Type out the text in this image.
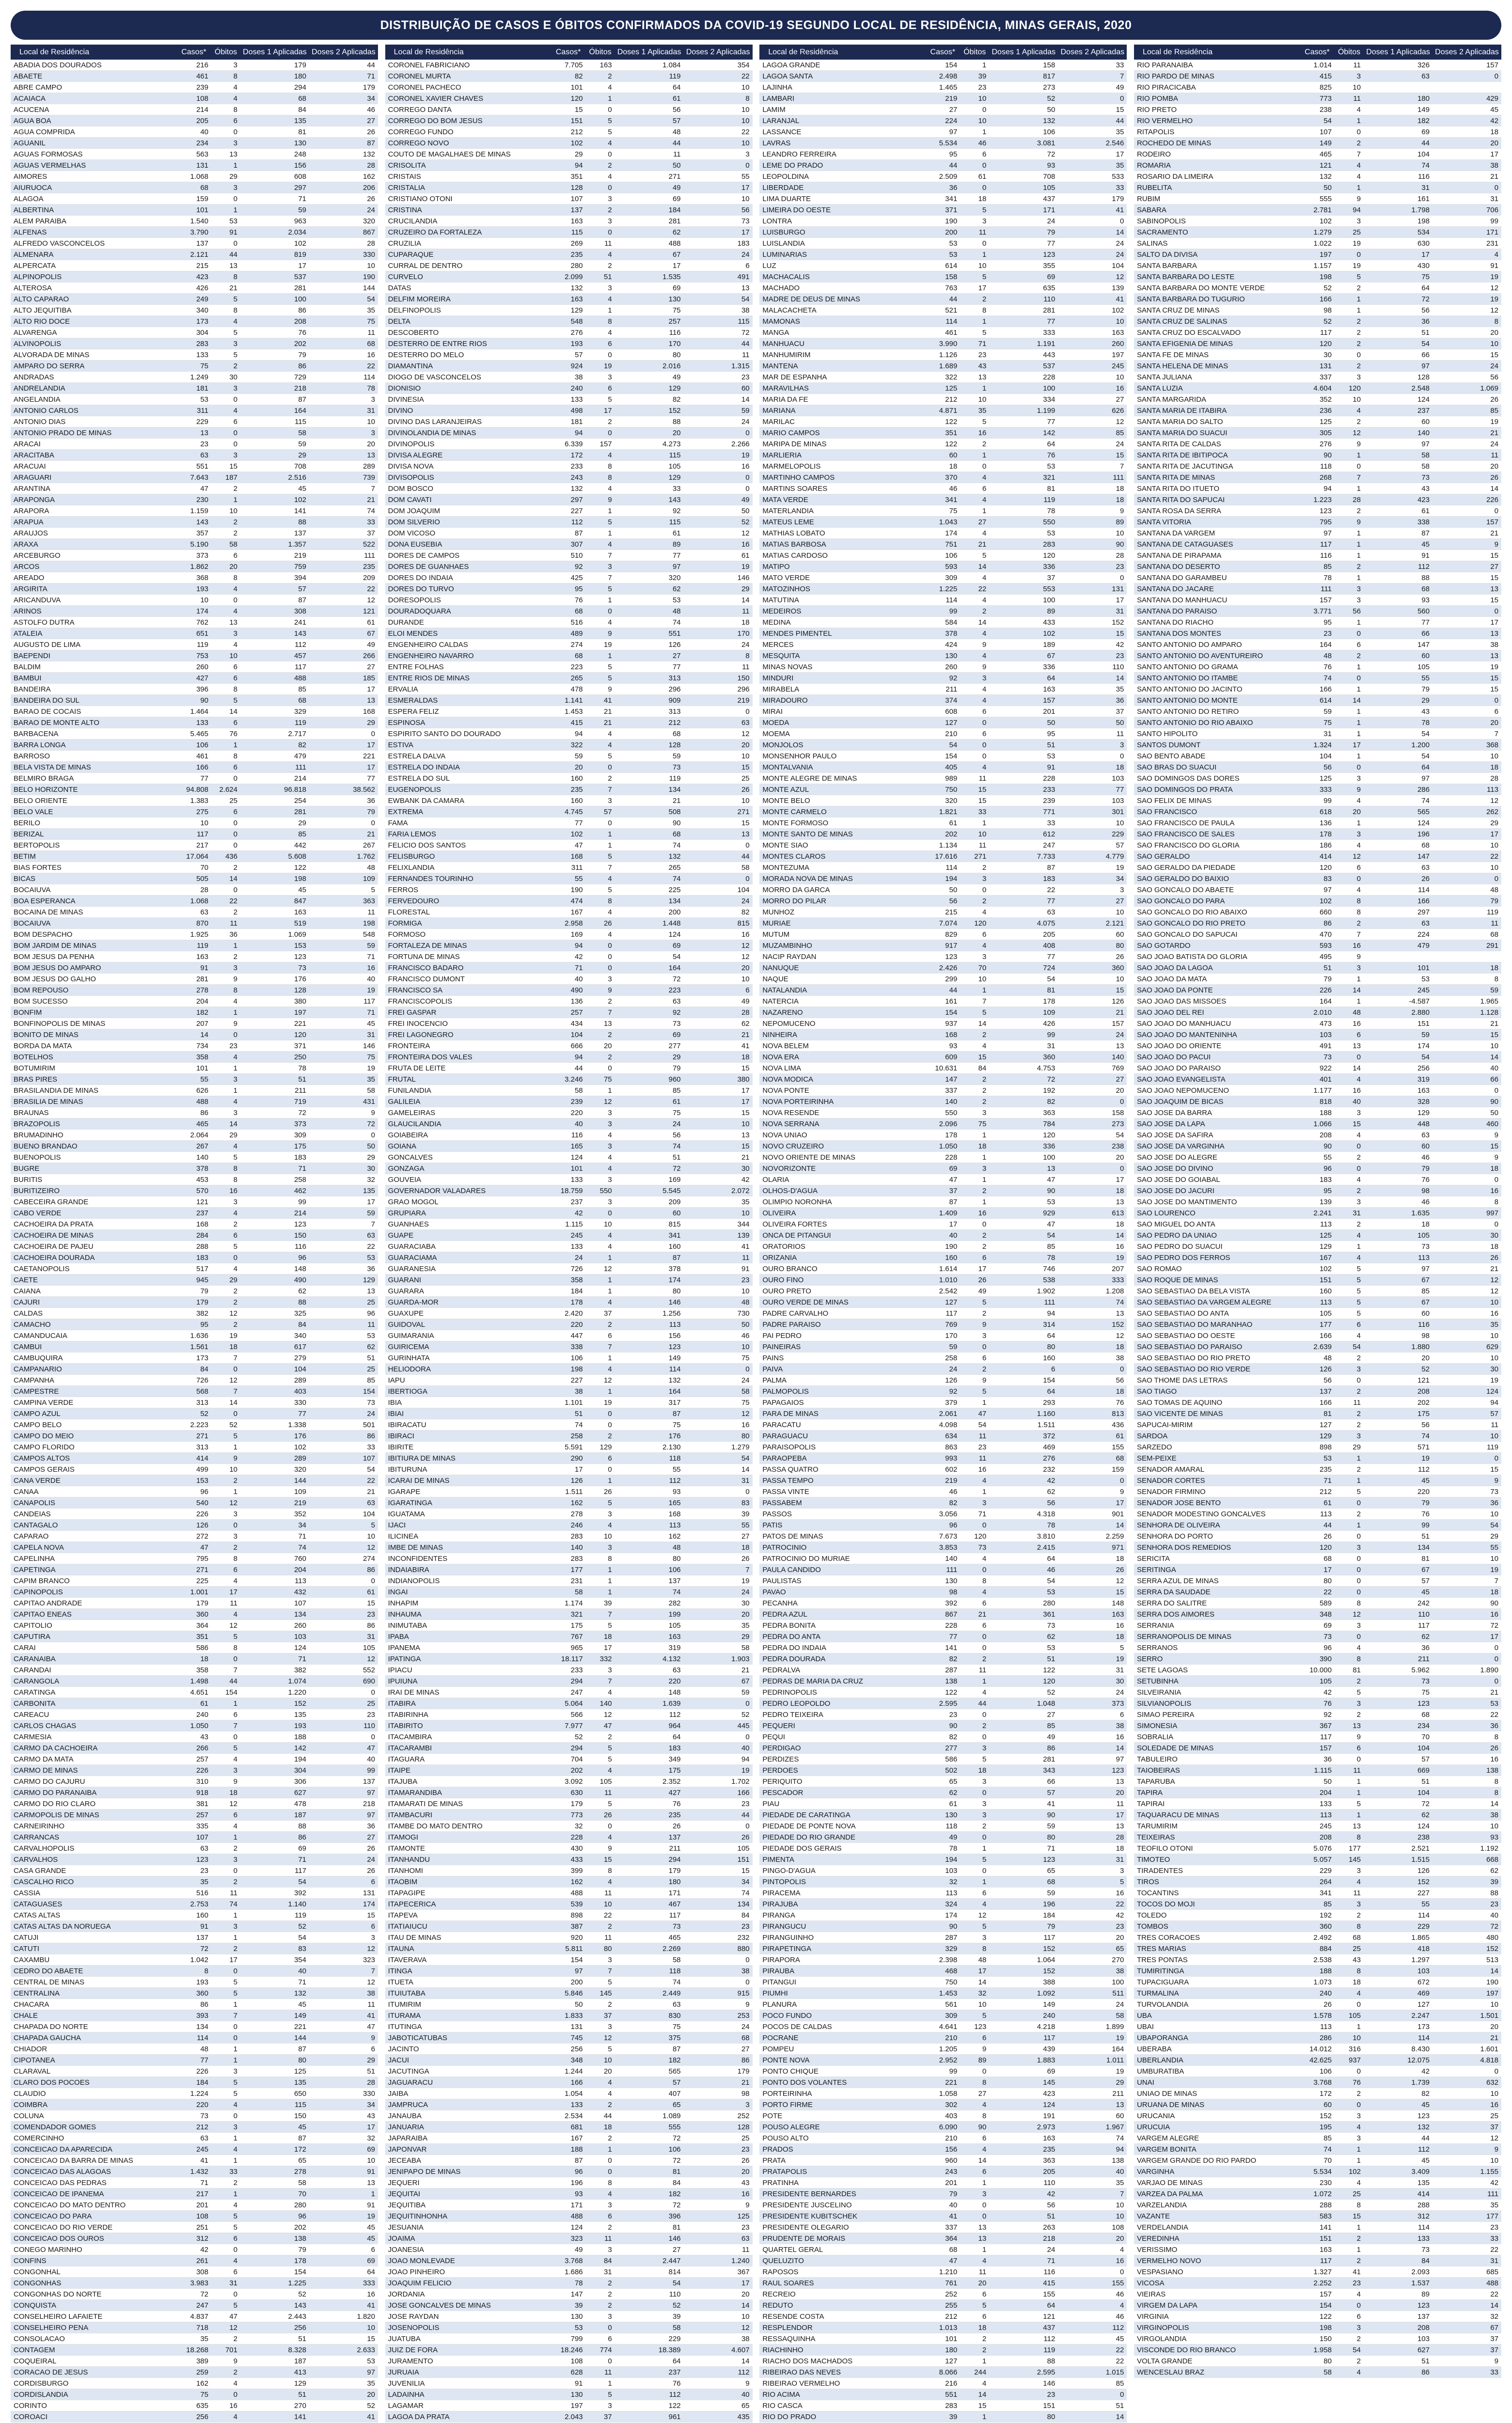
DISTRIBUIÇÃO DE CASOS E ÓBITOS CONFIRMADOS DA COVID-19 SEGUNDO LOCAL DE RESIDÊNCIA, MINAS GERAIS, 2020
Local de Residência	Casos*	Óbitos	Doses 1 Aplicadas	Doses 2 Aplicadas
ABADIA DOS DOURADOS	216	3	179	44
ABAETE	461	8	180	71
ABRE CAMPO	239	4	294	179
ACAIACA	108	4	68	34
ACUCENA	214	8	84	46
AGUA BOA	205	6	135	27
AGUA COMPRIDA	40	0	81	26
AGUANIL	234	3	130	87
AGUAS FORMOSAS	563	13	248	132
AGUAS VERMELHAS	131	1	156	28
AIMORES	1.068	29	608	162
AIURUOCA	68	3	297	206
ALAGOA	159	0	71	26
ALBERTINA	101	1	59	24
ALEM PARAIBA	1.540	53	963	320
ALFENAS	3.790	91	2.034	867
ALFREDO VASCONCELOS	137	0	102	28
ALMENARA	2.121	44	819	330
ALPERCATA	215	13	17	10
ALPINOPOLIS	423	8	537	190
ALTEROSA	426	21	281	144
ALTO CAPARAO	249	5	100	54
ALTO JEQUITIBA	340	8	86	35
ALTO RIO DOCE	173	4	208	75
ALVARENGA	304	5	76	11
ALVINOPOLIS	283	3	202	68
ALVORADA DE MINAS	133	5	79	16
AMPARO DO SERRA	75	2	86	22
ANDRADAS	1.249	30	729	114
ANDRELANDIA	181	3	218	78
ANGELANDIA	53	0	87	3
ANTONIO CARLOS	311	4	164	31
ANTONIO DIAS	229	6	115	10
ANTONIO PRADO DE MINAS	13	0	58	3
ARACAI	23	0	59	20
ARACITABA	63	3	29	13
ARACUAI	551	15	708	289
ARAGUARI	7.643	187	2.516	739
ARANTINA	47	2	45	7
ARAPONGA	230	1	102	21
ARAPORA	1.159	10	141	74
ARAPUA	143	2	88	33
ARAUJOS	357	2	137	37
ARAXA	5.190	58	1.357	522
ARCEBURGO	373	6	219	111
ARCOS	1.862	20	759	235
AREADO	368	8	394	209
ARGIRITA	193	4	57	22
ARICANDUVA	10	0	87	12
ARINOS	174	4	308	121
ASTOLFO DUTRA	762	13	241	61
ATALEIA	651	3	143	67
AUGUSTO DE LIMA	119	4	112	49
BAEPENDI	753	10	457	266
BALDIM	260	6	117	27
BAMBUI	427	6	488	185
BANDEIRA	396	8	85	17
BANDEIRA DO SUL	90	5	68	13
BARAO DE COCAIS	1.464	14	329	168
BARAO DE MONTE ALTO	133	6	119	29
BARBACENA	5.465	76	2.717	0
BARRA LONGA	106	1	82	17
BARROSO	461	8	479	221
BELA VISTA DE MINAS	166	6	111	17
BELMIRO BRAGA	77	0	214	77
BELO HORIZONTE	94.808	2.624	96.818	38.562
BELO ORIENTE	1.383	25	254	36
BELO VALE	275	6	281	79
BERILO	10	0	29	0
BERIZAL	117	0	85	21
BERTOPOLIS	217	0	442	267
BETIM	17.064	436	5.608	1.762
BIAS FORTES	70	2	122	48
BICAS	505	14	198	109
BOCAIUVA	28	0	45	5
BOA ESPERANCA	1.068	22	847	363
BOCAINA DE MINAS	63	2	163	11
BOCAIUVA	870	11	519	198
BOM DESPACHO	1.925	36	1.069	548
BOM JARDIM DE MINAS	119	1	153	59
BOM JESUS DA PENHA	163	2	123	71
BOM JESUS DO AMPARO	91	3	73	16
BOM JESUS DO GALHO	281	9	176	40
BOM REPOUSO	278	8	128	19
BOM SUCESSO	204	4	380	117
BONFIM	182	1	197	71
BONFINOPOLIS DE MINAS	207	9	221	45
BONITO DE MINAS	14	0	120	31
BORDA DA MATA	734	23	371	146
BOTELHOS	358	4	250	75
BOTUMIRIM	101	1	78	19
BRAS PIRES	55	3	51	35
BRASILANDIA DE MINAS	626	1	211	58
BRASILIA DE MINAS	488	4	719	431
BRAUNAS	86	3	72	9
BRAZOPOLIS	465	14	373	72
BRUMADINHO	2.064	29	309	0
BUENO BRANDAO	267	4	175	50
BUENOPOLIS	140	5	183	29
BUGRE	378	8	71	30
BURITIS	453	8	258	32
BURITIZEIRO	570	16	462	135
CABECEIRA GRANDE	121	3	99	17
CABO VERDE	237	4	214	59
CACHOEIRA DA PRATA	168	2	123	7
CACHOEIRA DE MINAS	284	6	150	63
CACHOEIRA DE PAJEU	288	5	116	22
CACHOEIRA DOURADA	183	0	96	53
CAETANOPOLIS	517	4	148	36
CAETE	945	29	490	129
CAIANA	79	2	62	13
CAJURI	179	2	88	25
CALDAS	382	12	325	96
CAMACHO	95	2	84	11
CAMANDUCAIA	1.636	19	340	53
CAMBUI	1.561	18	617	62
CAMBUQUIRA	173	7	279	51
CAMPANARIO	84	0	104	25
CAMPANHA	726	12	289	85
CAMPESTRE	568	7	403	154
CAMPINA VERDE	313	14	330	73
CAMPO AZUL	52	0	77	24
CAMPO BELO	2.223	52	1.338	501
CAMPO DO MEIO	271	5	176	86
CAMPO FLORIDO	313	1	102	33
CAMPOS ALTOS	414	9	289	107
CAMPOS GERAIS	499	10	320	54
CANA VERDE	153	2	144	22
CANAA	96	1	109	21
CANAPOLIS	540	12	219	63
CANDEIAS	226	3	352	104
CANTAGALO	126	0	34	5
CAPARAO	272	3	71	10
CAPELA NOVA	47	2	74	12
CAPELINHA	795	8	760	274
CAPETINGA	271	6	204	86
CAPIM BRANCO	225	4	113	0
CAPINOPOLIS	1.001	17	432	61
CAPITAO ANDRADE	179	11	107	15
CAPITAO ENEAS	360	4	134	23
CAPITOLIO	364	12	260	86
CAPUTIRA	351	5	103	31
CARAI	586	8	124	105
CARANAIBA	18	0	71	12
CARANDAI	358	7	382	552
CARANGOLA	1.498	44	1.074	690
CARATINGA	4.651	154	1.220	0
CARBONITA	61	1	152	25
CAREACU	240	6	135	23
CARLOS CHAGAS	1.050	7	193	110
CARMESIA	43	0	188	0
CARMO DA CACHOEIRA	266	5	142	47
CARMO DA MATA	257	4	194	40
CARMO DE MINAS	226	3	304	99
CARMO DO CAJURU	310	9	306	137
CARMO DO PARANAIBA	918	18	627	97
CARMO DO RIO CLARO	381	12	478	218
CARMOPOLIS DE MINAS	257	6	187	97
CARNEIRINHO	335	4	88	36
CARRANCAS	107	1	86	27
CARVALHOPOLIS	63	2	69	26
CARVALHOS	123	3	71	24
CASA GRANDE	23	0	117	26
CASCALHO RICO	35	2	54	6
CASSIA	516	11	392	131
CATAGUASES	2.753	74	1.140	174
CATAS ALTAS	160	1	119	15
CATAS ALTAS DA NORUEGA	91	3	52	6
CATUJI	137	1	54	3
CATUTI	72	2	83	12
CAXAMBU	1.042	17	354	323
CEDRO DO ABAETE	8	0	40	7
CENTRAL DE MINAS	193	5	71	12
CENTRALINA	360	5	132	38
CHACARA	86	1	45	11
CHALE	393	7	149	41
CHAPADA DO NORTE	134	0	221	47
CHAPADA GAUCHA	114	0	144	9
CHIADOR	48	1	87	6
CIPOTANEA	77	1	80	29
CLARAVAL	226	3	125	51
CLARO DOS POCOES	184	5	135	28
CLAUDIO	1.224	5	650	330
COIMBRA	220	4	115	34
COLUNA	73	0	150	43
COMENDADOR GOMES	212	3	45	17
COMERCINHO	63	1	87	32
CONCEICAO DA APARECIDA	245	4	172	69
CONCEICAO DA BARRA DE MINAS	41	1	65	10
CONCEICAO DAS ALAGOAS	1.432	33	278	91
CONCEICAO DAS PEDRAS	71	2	58	13
CONCEICAO DE IPANEMA	217	1	70	1
CONCEICAO DO MATO DENTRO	201	4	280	91
CONCEICAO DO PARA	108	5	96	19
CONCEICAO DO RIO VERDE	251	5	202	45
CONCEICAO DOS OUROS	312	6	138	45
CONEGO MARINHO	42	0	79	6
CONFINS	261	4	178	69
CONGONHAL	308	6	154	64
CONGONHAS	3.983	31	1.225	333
CONGONHAS DO NORTE	72	0	52	16
CONQUISTA	247	5	143	41
CONSELHEIRO LAFAIETE	4.837	47	2.443	1.820
CONSELHEIRO PENA	718	12	256	10
CONSOLACAO	35	2	51	15
CONTAGEM	18.268	701	8.328	2.633
COQUEIRAL	389	9	187	53
CORACAO DE JESUS	259	2	413	97
CORDISBURGO	162	4	129	35
CORDISLANDIA	75	0	51	20
CORINTO	635	16	270	52
COROACI	256	4	141	41

Local de Residência	Casos*	Óbitos	Doses 1 Aplicadas	Doses 2 Aplicadas
CORONEL FABRICIANO	7.705	163	1.084	354
CORONEL MURTA	82	2	119	22
CORONEL PACHECO	101	4	64	10
CORONEL XAVIER CHAVES	120	1	61	8
CORREGO DANTA	15	0	56	10
CORREGO DO BOM JESUS	151	5	57	10
CORREGO FUNDO	212	5	48	22
CORREGO NOVO	102	4	44	10
COUTO DE MAGALHAES DE MINAS	29	0	11	3
CRISOLITA	94	2	50	0
CRISTAIS	351	4	271	55
CRISTALIA	128	0	49	17
CRISTIANO OTONI	107	3	69	10
CRISTINA	137	2	184	56
CRUCILANDIA	163	3	281	73
CRUZEIRO DA FORTALEZA	115	0	62	17
CRUZILIA	269	11	488	183
CUPARAQUE	235	4	67	24
CURRAL DE DENTRO	280	2	17	6
CURVELO	2.099	51	1.535	491
DATAS	132	3	69	13
DELFIM MOREIRA	163	4	130	54
DELFINOPOLIS	129	1	75	38
DELTA	548	8	257	115
DESCOBERTO	276	4	116	72
DESTERRO DE ENTRE RIOS	193	6	170	44
DESTERRO DO MELO	57	0	80	11
DIAMANTINA	924	19	2.016	1.315
DIOGO DE VASCONCELOS	38	3	49	23
DIONISIO	240	6	129	60
DIVINESIA	133	5	82	14
DIVINO	498	17	152	59
DIVINO DAS LARANJEIRAS	181	2	88	24
DIVINOLANDIA DE MINAS	94	0	20	0
DIVINOPOLIS	6.339	157	4.273	2.266
DIVISA ALEGRE	172	4	115	19
DIVISA NOVA	233	8	105	16
DIVISOPOLIS	243	8	129	0
DOM BOSCO	132	4	33	0
DOM CAVATI	297	9	143	49
DOM JOAQUIM	227	1	92	50
DOM SILVERIO	112	5	115	52
DOM VICOSO	87	1	61	12
DONA EUSEBIA	307	4	89	16
DORES DE CAMPOS	510	7	77	61
DORES DE GUANHAES	92	3	97	19
DORES DO INDAIA	425	7	320	146
DORES DO TURVO	95	5	62	29
DORESOPOLIS	76	1	53	14
DOURADOQUARA	68	0	48	11
DURANDE	516	4	74	18
ELOI MENDES	489	9	551	170
ENGENHEIRO CALDAS	274	19	126	24
ENGENHEIRO NAVARRO	68	1	27	8
ENTRE FOLHAS	223	5	77	11
ENTRE RIOS DE MINAS	265	5	313	150
ERVALIA	478	9	296	296
ESMERALDAS	1.141	41	909	219
ESPERA FELIZ	1.453	21	313	0
ESPINOSA	415	21	212	63
ESPIRITO SANTO DO DOURADO	94	4	68	12
ESTIVA	322	4	128	20
ESTRELA DALVA	59	5	59	10
ESTRELA DO INDAIA	20	0	73	15
ESTRELA DO SUL	160	2	119	25
EUGENOPOLIS	235	7	134	26
EWBANK DA CAMARA	160	3	21	10
EXTREMA	4.745	57	508	271
FAMA	77	0	90	15
FARIA LEMOS	102	1	68	13
FELICIO DOS SANTOS	47	1	74	0
FELISBURGO	168	5	132	44
FELIXLANDIA	311	7	265	58
FERNANDES TOURINHO	55	4	74	0
FERROS	190	5	225	104
FERVEDOURO	474	8	134	24
FLORESTAL	167	4	200	82
FORMIGA	2.958	26	1.448	815
FORMOSO	169	4	124	16
FORTALEZA DE MINAS	94	0	69	12
FORTUNA DE MINAS	42	0	54	12
FRANCISCO BADARO	71	0	164	20
FRANCISCO DUMONT	40	3	72	10
FRANCISCO SA	490	9	223	6
FRANCISCOPOLIS	136	2	63	49
FREI GASPAR	257	7	92	28
FREI INOCENCIO	434	13	73	62
FREI LAGONEGRO	104	2	69	21
FRONTEIRA	666	20	277	41
FRONTEIRA DOS VALES	94	2	29	18
FRUTA DE LEITE	44	0	79	15
FRUTAL	3.246	75	960	380
FUNILANDIA	58	1	85	17
GALILEIA	239	12	61	17
GAMELEIRAS	220	3	75	15
GLAUCILANDIA	40	3	24	10
GOIABEIRA	116	4	56	13
GOIANA	165	3	74	15
GONCALVES	124	4	51	21
GONZAGA	101	4	72	30
GOUVEIA	133	3	169	42
GOVERNADOR VALADARES	18.759	550	5.545	2.072
GRAO MOGOL	237	3	209	35
GRUPIARA	42	0	60	10
GUANHAES	1.115	10	815	344
GUAPE	245	4	341	139
GUARACIABA	133	4	160	41
GUARACIAMA	24	1	87	11
GUARANESIA	726	12	378	91
GUARANI	358	1	174	23
GUARARA	184	1	80	10
GUARDA-MOR	178	4	146	48
GUAXUPE	2.420	37	1.256	730
GUIDOVAL	220	2	113	50
GUIMARANIA	447	6	156	46
GUIRICEMA	338	7	123	10
GURINHATA	106	1	149	75
HELIODORA	198	4	114	0
IAPU	227	12	132	24
IBERTIOGA	38	1	164	58
IBIA	1.101	19	317	75
IBIAI	51	0	87	12
IBIRACATU	74	0	75	16
IBIRACI	258	2	176	80
IBIRITE	5.591	129	2.130	1.279
IBITIURA DE MINAS	290	6	118	54
IBITURUNA	17	0	55	14
ICARAI DE MINAS	126	1	112	31
IGARAPE	1.511	26	93	0
IGARATINGA	162	5	165	83
IGUATAMA	278	3	168	39
IJACI	246	4	113	55
ILICINEA	283	10	162	27
IMBE DE MINAS	140	3	48	18
INCONFIDENTES	283	8	80	26
INDAIABIRA	177	1	106	7
INDIANOPOLIS	231	1	137	19
INGAI	58	1	74	24
INHAPIM	1.174	39	282	30
INHAUMA	321	7	199	20
INIMUTABA	175	5	105	35
IPABA	767	18	163	29
IPANEMA	965	17	319	58
IPATINGA	18.117	332	4.132	1.903
IPIACU	233	3	63	21
IPUIUNA	294	7	220	67
IRAI DE MINAS	247	4	148	59
ITABIRA	5.064	140	1.639	0
ITABIRINHA	566	12	112	52
ITABIRITO	7.977	47	964	445
ITACAMBIRA	52	2	64	0
ITACARAMBI	294	5	183	40
ITAGUARA	704	5	349	94
ITAIPE	202	4	175	19
ITAJUBA	3.092	105	2.352	1.702
ITAMARANDIBA	630	11	427	166
ITAMARATI DE MINAS	179	5	76	23
ITAMBACURI	773	26	235	44
ITAMBE DO MATO DENTRO	32	0	26	0
ITAMOGI	228	4	137	26
ITAMONTE	430	9	211	105
ITANHANDU	433	15	294	151
ITANHOMI	399	8	179	15
ITAOBIM	162	4	180	34
ITAPAGIPE	488	11	171	74
ITAPECERICA	539	10	467	134
ITAPEVA	898	22	117	84
ITATIAIUCU	387	2	73	23
ITAU DE MINAS	920	11	465	232
ITAUNA	5.811	80	2.269	880
ITAVERAVA	154	3	58	0
ITINGA	97	7	118	38
ITUETA	200	5	74	0
ITUIUTABA	5.846	145	2.449	915
ITUMIRIM	50	2	63	9
ITURAMA	1.833	37	830	253
ITUTINGA	131	3	75	24
JABOTICATUBAS	745	12	375	68
JACINTO	256	5	87	27
JACUI	348	10	182	86
JACUTINGA	1.244	20	565	179
JAGUARACU	166	4	57	21
JAIBA	1.054	4	407	98
JAMPRUCA	133	2	65	3
JANAUBA	2.534	44	1.089	252
JANUARIA	681	18	555	128
JAPARAIBA	167	2	72	25
JAPONVAR	188	1	106	23
JECEABA	87	0	72	26
JENIPAPO DE MINAS	96	0	81	20
JEQUERI	196	8	84	43
JEQUITAI	93	4	182	16
JEQUITIBA	171	3	72	9
JEQUITINHONHA	488	6	396	125
JESUANIA	124	2	81	23
JOAIMA	323	11	146	63
JOANESIA	49	3	27	11
JOAO MONLEVADE	3.768	84	2.447	1.240
JOAO PINHEIRO	1.686	31	814	367
JOAQUIM FELICIO	78	2	54	17
JORDANIA	147	2	110	20
JOSE GONCALVES DE MINAS	39	2	52	14
JOSE RAYDAN	130	3	39	10
JOSENOPOLIS	53	0	58	12
JUATUBA	799	6	229	38
JUIZ DE FORA	18.246	774	18.389	4.607
JURAMENTO	108	0	64	14
JURUAIA	628	11	237	112
JUVENILIA	91	1	76	9
LADAINHA	130	5	112	40
LAGAMAR	197	3	122	65
LAGOA DA PRATA	2.043	37	961	435

Local de Residência	Casos*	Óbitos	Doses 1 Aplicadas	Doses 2 Aplicadas
LAGOA GRANDE	154	1	158	33
LAGOA SANTA	2.498	39	817	7
LAJINHA	1.465	23	273	49
LAMBARI	219	10	52	0
LAMIM	27	0	50	15
LARANJAL	224	10	132	44
LASSANCE	97	1	106	35
LAVRAS	5.534	46	3.081	2.546
LEANDRO FERREIRA	95	6	72	17
LEME DO PRADO	44	0	93	35
LEOPOLDINA	2.509	61	708	533
LIBERDADE	36	0	105	33
LIMA DUARTE	341	18	437	179
LIMEIRA DO OESTE	371	5	171	41
LONTRA	190	3	24	0
LUISBURGO	200	11	79	14
LUISLANDIA	53	0	77	24
LUMINARIAS	53	1	123	24
LUZ	614	10	355	104
MACHACALIS	158	5	69	12
MACHADO	763	17	635	139
MADRE DE DEUS DE MINAS	44	2	110	41
MALACACHETA	521	8	281	102
MAMONAS	114	1	77	10
MANGA	461	5	333	163
MANHUACU	3.990	71	1.191	260
MANHUMIRIM	1.126	23	443	197
MANTENA	1.689	43	537	245
MAR DE ESPANHA	322	13	228	10
MARAVILHAS	125	1	100	16
MARIA DA FE	212	10	334	27
MARIANA	4.871	35	1.199	626
MARILAC	122	5	77	12
MARIO CAMPOS	351	16	142	85
MARIPA DE MINAS	122	2	64	24
MARLIERIA	60	1	76	15
MARMELOPOLIS	18	0	53	7
MARTINHO CAMPOS	370	4	321	111
MARTINS SOARES	46	6	81	18
MATA VERDE	341	4	119	18
MATERLANDIA	75	1	78	9
MATEUS LEME	1.043	27	550	89
MATHIAS LOBATO	174	4	53	10
MATIAS BARBOSA	751	21	283	90
MATIAS CARDOSO	106	5	120	28
MATIPO	593	14	336	23
MATO VERDE	309	4	37	0
MATOZINHOS	1.225	22	553	131
MATUTINA	114	4	100	17
MEDEIROS	99	2	89	31
MEDINA	584	14	433	152
MENDES PIMENTEL	378	4	102	15
MERCES	424	9	189	42
MESQUITA	130	4	67	23
MINAS NOVAS	260	9	336	110
MINDURI	92	3	64	14
MIRABELA	211	4	163	35
MIRADOURO	374	4	157	36
MIRAI	608	6	201	37
MOEDA	127	0	50	50
MOEMA	210	6	95	11
MONJOLOS	54	0	51	3
MONSENHOR PAULO	154	0	53	0
MONTALVANIA	405	4	91	18
MONTE ALEGRE DE MINAS	989	11	228	103
MONTE AZUL	750	15	233	77
MONTE BELO	320	15	239	103
MONTE CARMELO	1.821	33	771	301
MONTE FORMOSO	61	1	33	10
MONTE SANTO DE MINAS	202	10	612	229
MONTE SIAO	1.134	11	247	57
MONTES CLAROS	17.616	271	7.733	4.779
MONTEZUMA	114	2	87	19
MORADA NOVA DE MINAS	194	3	183	34
MORRO DA GARCA	50	0	22	3
MORRO DO PILAR	56	2	77	27
MUNHOZ	215	4	63	10
MURIAE	7.074	120	4.075	2.121
MUTUM	829	6	205	60
MUZAMBINHO	917	4	408	80
NACIP RAYDAN	123	3	77	26
NANUQUE	2.426	70	724	360
NAQUE	299	10	54	10
NATALANDIA	44	1	81	15
NATERCIA	161	7	178	126
NAZARENO	154	5	109	21
NEPOMUCENO	937	14	426	157
NINHEIRA	168	2	99	24
NOVA BELEM	93	4	31	13
NOVA ERA	609	15	360	140
NOVA LIMA	10.631	84	4.753	769
NOVA MODICA	147	2	72	27
NOVA PONTE	337	2	192	20
NOVA PORTEIRINHA	140	2	82	0
NOVA RESENDE	550	3	363	158
NOVA SERRANA	2.096	75	784	273
NOVA UNIAO	178	1	120	54
NOVO CRUZEIRO	1.050	18	336	238
NOVO ORIENTE DE MINAS	228	1	100	20
NOVORIZONTE	69	3	13	0
OLARIA	47	1	47	17
OLHOS-D'AGUA	37	2	90	18
OLIMPIO NORONHA	87	1	53	13
OLIVEIRA	1.409	16	929	613
OLIVEIRA FORTES	17	0	47	18
ONCA DE PITANGUI	40	2	54	14
ORATORIOS	190	2	85	16
ORIZANIA	160	6	78	19
OURO BRANCO	1.614	17	746	207
OURO FINO	1.010	26	538	333
OURO PRETO	2.542	49	1.902	1.208
OURO VERDE DE MINAS	127	5	111	74
PADRE CARVALHO	117	2	94	13
PADRE PARAISO	769	9	314	152
PAI PEDRO	170	3	64	12
PAINEIRAS	59	0	80	18
PAINS	258	6	160	38
PAIVA	24	2	6	0
PALMA	126	9	154	56
PALMOPOLIS	92	5	64	18
PAPAGAIOS	379	1	293	76
PARA DE MINAS	2.061	47	1.160	813
PARACATU	4.098	54	1.511	436
PARAGUACU	634	11	372	61
PARAISOPOLIS	863	23	469	155
PARAOPEBA	993	11	276	68
PASSA QUATRO	602	16	232	159
PASSA TEMPO	219	4	42	0
PASSA VINTE	46	1	62	9
PASSABEM	82	3	56	17
PASSOS	3.056	71	4.318	901
PATIS	96	0	78	14
PATOS DE MINAS	7.673	120	3.810	2.259
PATROCINIO	3.853	73	2.415	971
PATROCINIO DO MURIAE	140	4	64	18
PAULA CANDIDO	111	0	46	26
PAULISTAS	130	8	54	12
PAVAO	98	4	53	15
PECANHA	392	6	280	148
PEDRA AZUL	867	21	361	163
PEDRA BONITA	228	6	73	16
PEDRA DO ANTA	77	0	62	18
PEDRA DO INDAIA	141	0	53	5
PEDRA DOURADA	82	2	51	19
PEDRALVA	287	11	122	31
PEDRAS DE MARIA DA CRUZ	138	1	120	30
PEDRINOPOLIS	122	4	52	24
PEDRO LEOPOLDO	2.595	44	1.048	373
PEDRO TEIXEIRA	23	0	27	6
PEQUERI	90	2	85	38
PEQUI	82	0	49	16
PERDIGAO	277	3	86	14
PERDIZES	586	5	281	97
PERDOES	502	18	343	123
PERIQUITO	65	3	66	13
PESCADOR	62	0	57	20
PIAU	61	3	41	11
PIEDADE DE CARATINGA	130	3	90	17
PIEDADE DE PONTE NOVA	118	2	59	13
PIEDADE DO RIO GRANDE	49	0	80	28
PIEDADE DOS GERAIS	78	1	71	18
PIMENTA	194	5	123	31
PINGO-D'AGUA	103	0	65	3
PINTOPOLIS	32	1	68	5
PIRACEMA	113	6	59	16
PIRAJUBA	324	4	196	22
PIRANGA	174	12	184	42
PIRANGUCU	90	5	79	23
PIRANGUINHO	287	3	117	20
PIRAPETINGA	329	8	152	65
PIRAPORA	2.398	48	1.064	270
PIRAUBA	468	17	152	38
PITANGUI	750	14	388	100
PIUMHI	1.453	32	1.092	511
PLANURA	561	10	149	24
POCO FUNDO	309	5	240	58
POCOS DE CALDAS	4.641	123	4.218	1.899
POCRANE	210	6	117	19
POMPEU	1.205	9	439	164
PONTE NOVA	2.952	89	1.883	1.011
PONTO CHIQUE	99	0	69	19
PONTO DOS VOLANTES	221	8	145	29
PORTEIRINHA	1.058	27	423	211
PORTO FIRME	302	4	124	13
POTE	403	8	191	60
POUSO ALEGRE	6.090	90	2.973	1.967
POUSO ALTO	210	6	163	74
PRADOS	156	4	235	94
PRATA	960	14	363	138
PRATAPOLIS	243	6	205	40
PRATINHA	201	1	110	35
PRESIDENTE BERNARDES	79	3	42	7
PRESIDENTE JUSCELINO	40	0	56	10
PRESIDENTE KUBITSCHEK	41	0	51	10
PRESIDENTE OLEGARIO	337	13	263	108
PRUDENTE DE MORAIS	364	13	218	20
QUARTEL GERAL	68	1	24	4
QUELUZITO	47	4	71	16
RAPOSOS	1.210	11	116	0
RAUL SOARES	761	20	415	155
RECREIO	252	6	155	46
REDUTO	255	5	64	4
RESENDE COSTA	212	6	121	46
RESPLENDOR	1.013	18	437	112
RESSAQUINHA	101	2	112	45
RIACHINHO	180	2	119	22
RIACHO DOS MACHADOS	127	1	88	22
RIBEIRAO DAS NEVES	8.066	244	2.595	1.015
RIBEIRAO VERMELHO	216	4	146	85
RIO ACIMA	551	14	23	0
RIO CASCA	283	15	151	51
RIO DO PRADO	39	1	80	14

Local de Residência	Casos*	Óbitos	Doses 1 Aplicadas	Doses 2 Aplicadas
RIO PARANAIBA	1.014	11	326	157
RIO PARDO DE MINAS	415	3	63	0
RIO PIRACICABA	825	10		
RIO POMBA	773	11	180	429
RIO PRETO	238	4	149	45
RIO VERMELHO	54	1	182	42
RITAPOLIS	107	0	69	18
ROCHEDO DE MINAS	149	2	44	20
RODEIRO	465	7	104	17
ROMARIA	121	4	74	38
ROSARIO DA LIMEIRA	132	4	116	21
RUBELITA	50	1	31	0
RUBIM	555	9	161	31
SABARA	2.781	94	1.798	706
SABINOPOLIS	102	3	198	99
SACRAMENTO	1.279	25	534	171
SALINAS	1.022	19	630	231
SALTO DA DIVISA	197	0	17	4
SANTA BARBARA	1.157	19	430	91
SANTA BARBARA DO LESTE	198	5	75	19
SANTA BARBARA DO MONTE VERDE	52	2	64	12
SANTA BARBARA DO TUGURIO	166	1	72	19
SANTA CRUZ DE MINAS	98	1	56	12
SANTA CRUZ DE SALINAS	52	2	36	8
SANTA CRUZ DO ESCALVADO	117	2	51	20
SANTA EFIGENIA DE MINAS	120	2	54	10
SANTA FE DE MINAS	30	0	66	15
SANTA HELENA DE MINAS	131	2	97	24
SANTA JULIANA	337	3	128	56
SANTA LUZIA	4.604	120	2.548	1.069
SANTA MARGARIDA	352	10	124	26
SANTA MARIA DE ITABIRA	236	4	237	85
SANTA MARIA DO SALTO	125	2	60	19
SANTA MARIA DO SUACUI	305	12	140	21
SANTA RITA DE CALDAS	276	9	97	24
SANTA RITA DE IBITIPOCA	90	1	58	11
SANTA RITA DE JACUTINGA	118	0	58	20
SANTA RITA DE MINAS	268	7	73	26
SANTA RITA DO ITUETO	94	1	43	14
SANTA RITA DO SAPUCAI	1.223	28	423	226
SANTA ROSA DA SERRA	123	2	61	0
SANTA VITORIA	795	9	338	157
SANTANA DA VARGEM	97	1	87	21
SANTANA DE CATAGUASES	117	1	45	9
SANTANA DE PIRAPAMA	116	1	91	15
SANTANA DO DESERTO	85	2	112	27
SANTANA DO GARAMBEU	78	1	88	15
SANTANA DO JACARE	111	3	68	13
SANTANA DO MANHUACU	157	3	93	15
SANTANA DO PARAISO	3.771	56	560	0
SANTANA DO RIACHO	95	1	77	17
SANTANA DOS MONTES	23	0	66	13
SANTO ANTONIO DO AMPARO	164	6	147	38
SANTO ANTONIO DO AVENTUREIRO	48	2	60	13
SANTO ANTONIO DO GRAMA	76	1	105	19
SANTO ANTONIO DO ITAMBE	74	0	55	15
SANTO ANTONIO DO JACINTO	166	1	79	15
SANTO ANTONIO DO MONTE	614	14	29	0
SANTO ANTONIO DO RETIRO	59	1	43	6
SANTO ANTONIO DO RIO ABAIXO	75	1	78	20
SANTO HIPOLITO	31	1	54	7
SANTOS DUMONT	1.324	17	1.200	368
SAO BENTO ABADE	104	1	54	10
SAO BRAS DO SUACUI	56	0	64	18
SAO DOMINGOS DAS DORES	125	3	97	28
SAO DOMINGOS DO PRATA	333	9	286	113
SAO FELIX DE MINAS	99	4	74	12
SAO FRANCISCO	618	20	565	262
SAO FRANCISCO DE PAULA	136	1	124	29
SAO FRANCISCO DE SALES	178	3	196	17
SAO FRANCISCO DO GLORIA	186	4	68	10
SAO GERALDO	414	12	147	22
SAO GERALDO DA PIEDADE	120	6	63	10
SAO GERALDO DO BAIXIO	83	0	26	0
SAO GONCALO DO ABAETE	97	4	114	48
SAO GONCALO DO PARA	102	8	166	79
SAO GONCALO DO RIO ABAIXO	660	8	297	119
SAO GONCALO DO RIO PRETO	86	2	63	11
SAO GONCALO DO SAPUCAI	470	7	224	68
SAO GOTARDO	593	16	479	291
SAO JOAO BATISTA DO GLORIA	495	9		
SAO JOAO DA LAGOA	51	3	101	18
SAO JOAO DA MATA	79	1	53	8
SAO JOAO DA PONTE	226	14	245	59
SAO JOAO DAS MISSOES	164	1	-4.587	1.965
SAO JOAO DEL REI	2.010	48	2.880	1.128
SAO JOAO DO MANHUACU	473	16	151	21
SAO JOAO DO MANTENINHA	103	6	59	15
SAO JOAO DO ORIENTE	491	13	174	10
SAO JOAO DO PACUI	73	0	54	14
SAO JOAO DO PARAISO	922	14	256	40
SAO JOAO EVANGELISTA	401	4	319	66
SAO JOAO NEPOMUCENO	1.177	16	163	0
SAO JOAQUIM DE BICAS	818	40	328	90
SAO JOSE DA BARRA	188	3	129	50
SAO JOSE DA LAPA	1.066	15	448	460
SAO JOSE DA SAFIRA	208	4	63	9
SAO JOSE DA VARGINHA	90	0	60	15
SAO JOSE DO ALEGRE	55	2	46	9
SAO JOSE DO DIVINO	96	0	79	18
SAO JOSE DO GOIABAL	183	4	76	0
SAO JOSE DO JACURI	95	2	98	16
SAO JOSE DO MANTIMENTO	139	3	46	8
SAO LOURENCO	2.241	31	1.635	997
SAO MIGUEL DO ANTA	113	2	18	0
SAO PEDRO DA UNIAO	125	4	105	30
SAO PEDRO DO SUACUI	129	1	73	18
SAO PEDRO DOS FERROS	167	4	113	26
SAO ROMAO	102	5	97	21
SAO ROQUE DE MINAS	151	5	67	12
SAO SEBASTIAO DA BELA VISTA	160	5	85	12
SAO SEBASTIAO DA VARGEM ALEGRE	113	5	67	10
SAO SEBASTIAO DO ANTA	105	5	60	16
SAO SEBASTIAO DO MARANHAO	177	6	116	35
SAO SEBASTIAO DO OESTE	166	4	98	10
SAO SEBASTIAO DO PARAISO	2.639	54	1.880	629
SAO SEBASTIAO DO RIO PRETO	48	2	20	10
SAO SEBASTIAO DO RIO VERDE	126	3	52	30
SAO THOME DAS LETRAS	56	0	121	19
SAO TIAGO	137	2	208	124
SAO TOMAS DE AQUINO	166	11	202	94
SAO VICENTE DE MINAS	81	2	175	57
SAPUCAI-MIRIM	127	2	56	11
SARDOA	129	3	74	10
SARZEDO	898	29	571	119
SEM-PEIXE	53	1	19	0
SENADOR AMARAL	235	2	112	15
SENADOR CORTES	71	1	45	9
SENADOR FIRMINO	212	5	220	73
SENADOR JOSE BENTO	61	0	79	36
SENADOR MODESTINO GONCALVES	113	2	76	10
SENHORA DE OLIVEIRA	44	1	99	54
SENHORA DO PORTO	26	0	51	29
SENHORA DOS REMEDIOS	120	3	134	55
SERICITA	68	0	81	10
SERITINGA	17	0	67	19
SERRA AZUL DE MINAS	80	0	57	7
SERRA DA SAUDADE	22	0	45	18
SERRA DO SALITRE	589	8	242	90
SERRA DOS AIMORES	348	12	110	16
SERRANIA	69	3	117	72
SERRANOPOLIS DE MINAS	73	0	62	17
SERRANOS	96	4	36	0
SERRO	390	8	211	0
SETE LAGOAS	10.000	81	5.962	1.890
SETUBINHA	105	2	73	0
SILVEIRANIA	42	5	75	21
SILVIANOPOLIS	76	3	123	53
SIMAO PEREIRA	92	2	68	22
SIMONESIA	367	13	234	36
SOBRALIA	117	9	70	8
SOLEDADE DE MINAS	157	6	104	26
TABULEIRO	36	0	57	16
TAIOBEIRAS	1.115	11	669	138
TAPARUBA	50	1	51	8
TAPIRA	204	1	104	8
TAPIRAI	133	5	72	14
TAQUARACU DE MINAS	113	1	62	38
TARUMIRIM	245	13	124	10
TEIXEIRAS	208	8	238	93
TEOFILO OTONI	5.076	177	2.521	1.192
TIMOTEO	5.057	145	1.515	668
TIRADENTES	229	3	126	62
TIROS	264	4	152	39
TOCANTINS	341	11	227	88
TOCOS DO MOJI	85	3	55	23
TOLEDO	192	2	114	40
TOMBOS	360	8	229	72
TRES CORACOES	2.492	68	1.865	480
TRES MARIAS	884	25	418	152
TRES PONTAS	2.538	43	1.297	513
TUMIRITINGA	188	8	103	14
TUPACIGUARA	1.073	18	672	190
TURMALINA	240	4	469	197
TURVOLANDIA	26	0	127	10
UBA	1.578	105	2.247	1.501
UBAI	113	1	173	20
UBAPORANGA	286	10	114	21
UBERABA	14.012	316	8.430	1.601
UBERLANDIA	42.625	937	12.075	4.818
UMBURATIBA	106	0	42	0
UNAI	3.768	76	1.739	632
UNIAO DE MINAS	172	2	82	10
URUANA DE MINAS	60	0	45	16
URUCANIA	152	3	123	25
URUCUIA	195	4	132	37
VARGEM ALEGRE	85	3	44	12
VARGEM BONITA	74	1	112	9
VARGEM GRANDE DO RIO PARDO	70	1	45	10
VARGINHA	5.534	102	3.409	1.155
VARJAO DE MINAS	230	4	135	42
VARZEA DA PALMA	1.072	25	414	111
VARZELANDIA	288	8	288	35
VAZANTE	583	15	312	177
VERDELANDIA	141	1	114	23
VEREDINHA	151	2	133	33
VERISSIMO	163	1	73	22
VERMELHO NOVO	117	2	84	31
VESPASIANO	1.327	41	2.093	685
VICOSA	2.252	23	1.537	488
VIEIRAS	157	4	89	22
VIRGEM DA LAPA	154	0	123	14
VIRGINIA	122	6	137	32
VIRGINOPOLIS	198	3	208	67
VIRGOLANDIA	150	2	103	37
VISCONDE DO RIO BRANCO	1.958	54	627	37
VOLTA GRANDE	80	2	51	9
WENCESLAU BRAZ	58	4	86	33
